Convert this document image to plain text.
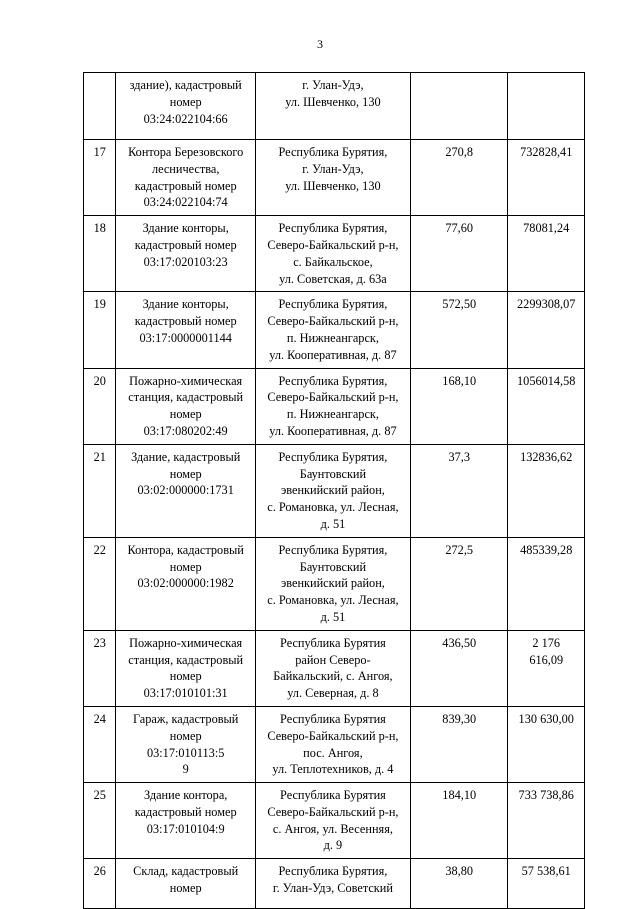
3

	здание), кадастровый
номер
03:24:022104:66	г. Улан-Удэ,
ул. Шевченко, 130		

17	Контора Березовского
лесничества,
кадастровый номер
03:24:022104:74	Республика Бурятия,
г. Улан-Удэ,
ул. Шевченко, 130	270,8	732828,41

18	Здание конторы,
кадастровый номер
03:17:020103:23	Республика Бурятия,
Северо-Байкальский р-н,
с. Байкальское,
ул. Советская, д. 63а	77,60	78081,24

19	Здание конторы,
кадастровый номер
03:17:0000001144	Республика Бурятия,
Северо-Байкальский р-н,
п. Нижнеангарск,
ул. Кооперативная, д. 87	572,50	2299308,07

20	Пожарно-химическая
станция, кадастровый
номер
03:17:080202:49	Республика Бурятия,
Северо-Байкальский р-н,
п. Нижнеангарск,
ул. Кооперативная, д. 87	168,10	1056014,58

21	Здание, кадастровый
номер
03:02:000000:1731	Республика Бурятия,
Баунтовский
эвенкийский район,
с. Романовка, ул. Лесная,
д. 51	37,3	132836,62

22	Контора, кадастровый
номер
03:02:000000:1982	Республика Бурятия,
Баунтовский
эвенкийский район,
с. Романовка, ул. Лесная,
д. 51	272,5	485339,28

23	Пожарно-химическая
станция, кадастровый
номер
03:17:010101:31	Республика Бурятия
район Северо-
Байкальский, с. Ангоя,
ул. Северная, д. 8	436,50	2 176
616,09

24	Гараж, кадастровый
номер
03:17:010113:5
9	Республика Бурятия
Северо-Байкальский р-н,
пос. Ангоя,
ул. Теплотехников, д. 4	839,30	130 630,00

25	Здание контора,
кадастровый номер
03:17:010104:9	Республика Бурятия
Северо-Байкальский р-н,
с. Ангоя, ул. Весенняя,
д. 9	184,10	733 738,86

26	Склад, кадастровый
номер	Республика Бурятия,
г. Улан-Удэ, Советский	38,80	57 538,61
